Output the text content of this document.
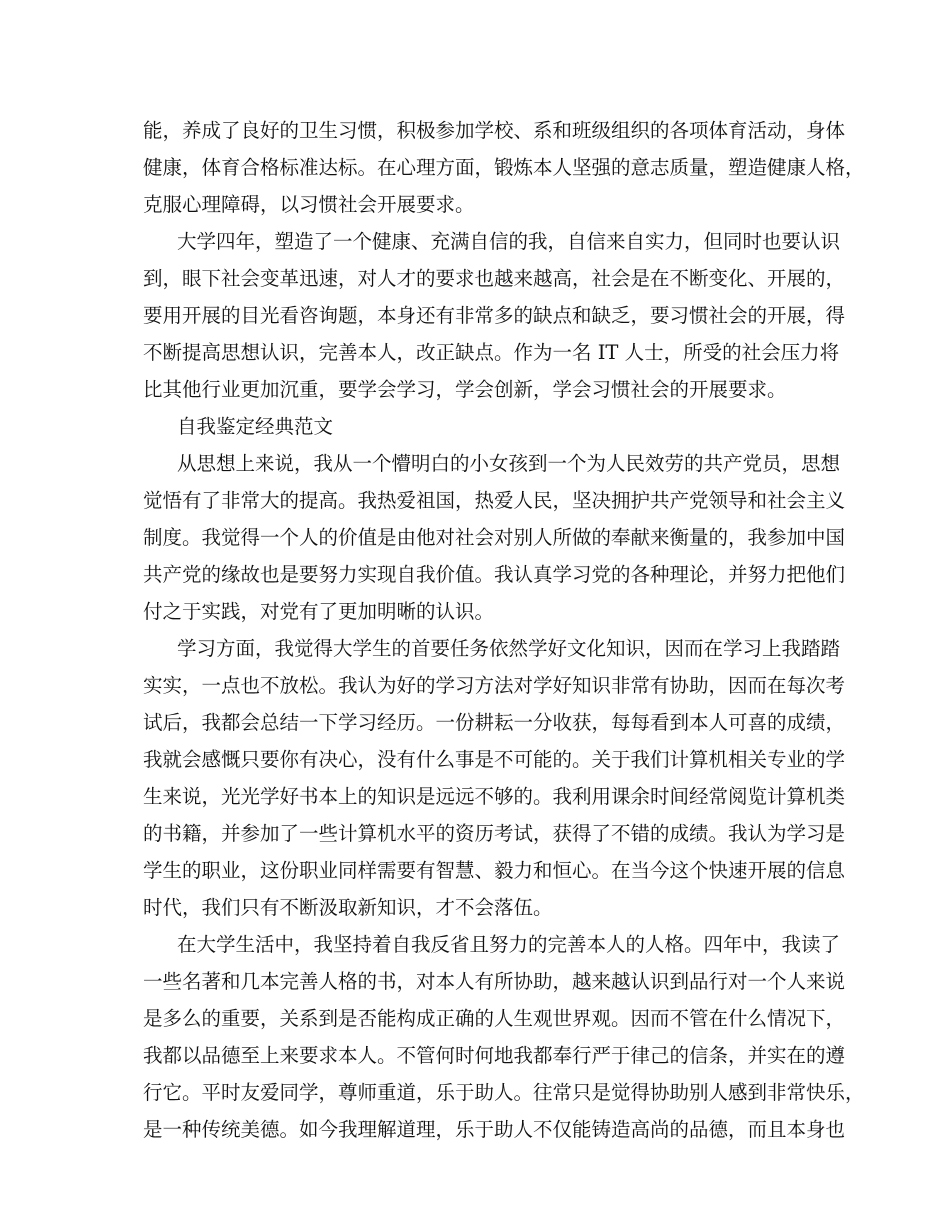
能，养成了良好的卫生习惯，积极参加学校、系和班级组织的各项体育活动，身体
健康，体育合格标准达标。在心理方面，锻炼本人坚强的意志质量，塑造健康人格，
克服心理障碍，以习惯社会开展要求。
大学四年，塑造了一个健康、充满自信的我，自信来自实力，但同时也要认识
到，眼下社会变革迅速，对人才的要求也越来越高，社会是在不断变化、开展的，
要用开展的目光看咨询题，本身还有非常多的缺点和缺乏，要习惯社会的开展，得
不断提高思想认识，完善本人，改正缺点。作为一名 IT 人士，所受的社会压力将
比其他行业更加沉重，要学会学习，学会创新，学会习惯社会的开展要求。
自我鉴定经典范文
从思想上来说，我从一个懵明白的小女孩到一个为人民效劳的共产党员，思想
觉悟有了非常大的提高。我热爱祖国，热爱人民，坚决拥护共产党领导和社会主义
制度。我觉得一个人的价值是由他对社会对别人所做的奉献来衡量的，我参加中国
共产党的缘故也是要努力实现自我价值。我认真学习党的各种理论，并努力把他们
付之于实践，对党有了更加明晰的认识。
学习方面，我觉得大学生的首要任务依然学好文化知识，因而在学习上我踏踏
实实，一点也不放松。我认为好的学习方法对学好知识非常有协助，因而在每次考
试后，我都会总结一下学习经历。一份耕耘一分收获，每每看到本人可喜的成绩，
我就会感慨只要你有决心，没有什么事是不可能的。关于我们计算机相关专业的学
生来说，光光学好书本上的知识是远远不够的。我利用课余时间经常阅览计算机类
的书籍，并参加了一些计算机水平的资历考试，获得了不错的成绩。我认为学习是
学生的职业，这份职业同样需要有智慧、毅力和恒心。在当今这个快速开展的信息
时代，我们只有不断汲取新知识，才不会落伍。
在大学生活中，我坚持着自我反省且努力的完善本人的人格。四年中，我读了
一些名著和几本完善人格的书，对本人有所协助，越来越认识到品行对一个人来说
是多么的重要，关系到是否能构成正确的人生观世界观。因而不管在什么情况下，
我都以品德至上来要求本人。不管何时何地我都奉行严于律己的信条，并实在的遵
行它。平时友爱同学，尊师重道，乐于助人。往常只是觉得协助别人感到非常快乐，
是一种传统美德。如今我理解道理，乐于助人不仅能铸造高尚的品德，而且本身也
